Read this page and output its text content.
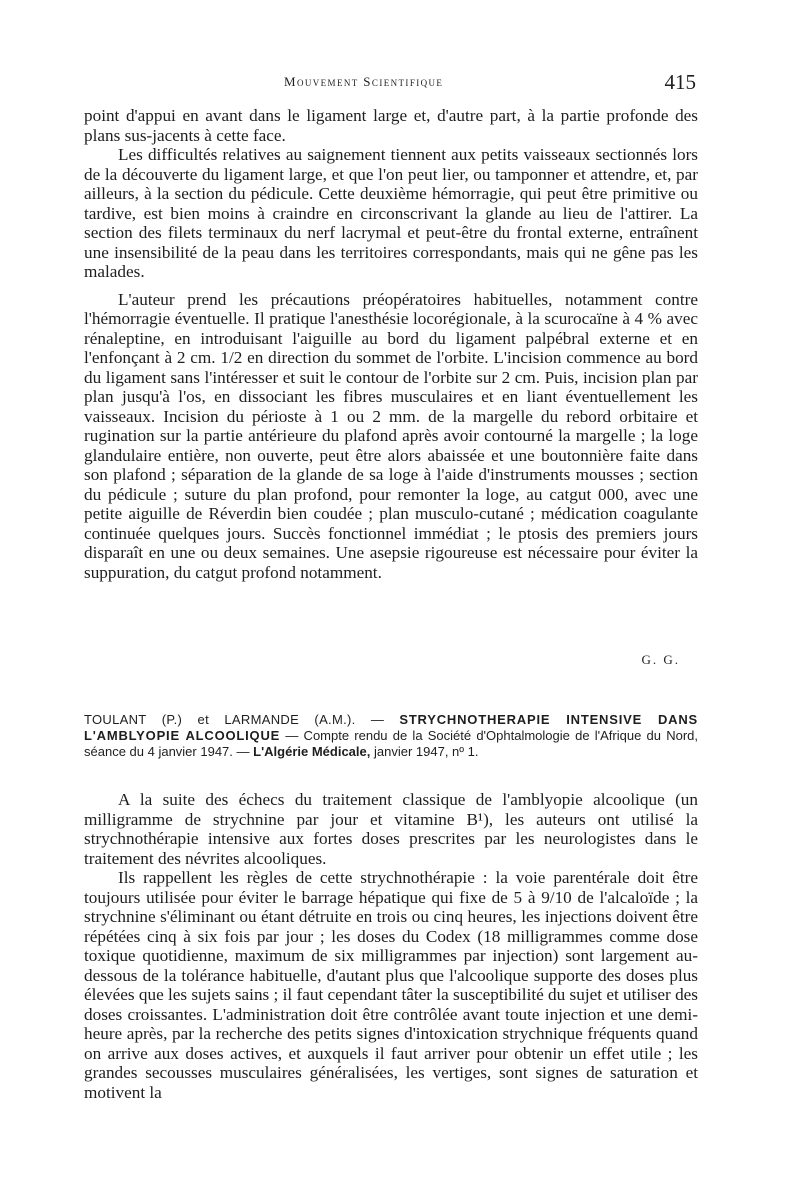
Mouvement Scientifique	415

point d'appui en avant dans le ligament large et, d'autre part, à la partie profonde des plans sus-jacents à cette face.

Les difficultés relatives au saignement tiennent aux petits vaisseaux sectionnés lors de la découverte du ligament large, et que l'on peut lier, ou tamponner et attendre, et, par ailleurs, à la section du pédicule. Cette deuxième hémorragie, qui peut être primitive ou tardive, est bien moins à craindre en circonscrivant la glande au lieu de l'attirer. La section des filets terminaux du nerf lacrymal et peut-être du frontal externe, entraînent une insensibilité de la peau dans les territoires correspondants, mais qui ne gêne pas les malades.

L'auteur prend les précautions préopératoires habituelles, notamment contre l'hémorragie éventuelle. Il pratique l'anesthésie locorégionale, à la scurocaïne à 4 % avec rénaleptine, en introduisant l'aiguille au bord du ligament palpébral externe et en l'enfonçant à 2 cm. 1/2 en direction du sommet de l'orbite. L'incision commence au bord du ligament sans l'intéresser et suit le contour de l'orbite sur 2 cm. Puis, incision plan par plan jusqu'à l'os, en dissociant les fibres musculaires et en liant éventuellement les vaisseaux. Incision du périoste à 1 ou 2 mm. de la margelle du rebord orbitaire et rugination sur la partie antérieure du plafond après avoir contourné la margelle ; la loge glandulaire entière, non ouverte, peut être alors abaissée et une boutonnière faite dans son plafond ; séparation de la glande de sa loge à l'aide d'instruments mousses ; section du pédicule ; suture du plan profond, pour remonter la loge, au catgut 000, avec une petite aiguille de Réverdin bien coudée ; plan musculo-cutané ; médication coagulante continuée quelques jours. Succès fonctionnel immédiat ; le ptosis des premiers jours disparaît en une ou deux semaines. Une asepsie rigoureuse est nécessaire pour éviter la suppuration, du catgut profond notamment.

G. G.
TOULANT (P.) et LARMANDE (A.M.). — STRYCHNOTHERAPIE INTENSIVE DANS L'AMBLYOPIE ALCOOLIQUE — Compte rendu de la Société d'Ophtalmologie de l'Afrique du Nord, séance du 4 janvier 1947. — L'Algérie Médicale, janvier 1947, nº 1.

A la suite des échecs du traitement classique de l'amblyopie alcoolique (un milligramme de strychnine par jour et vitamine B¹), les auteurs ont utilisé la strychnothérapie intensive aux fortes doses prescrites par les neurologistes dans le traitement des névrites alcooliques.

Ils rappellent les règles de cette strychnothérapie : la voie parentérale doit être toujours utilisée pour éviter le barrage hépatique qui fixe de 5 à 9/10 de l'alcaloïde ; la strychnine s'éliminant ou étant détruite en trois ou cinq heures, les injections doivent être répétées cinq à six fois par jour ; les doses du Codex (18 milligrammes comme dose toxique quotidienne, maximum de six milligrammes par injection) sont largement au-dessous de la tolérance habituelle, d'autant plus que l'alcoolique supporte des doses plus élevées que les sujets sains ; il faut cependant tâter la susceptibilité du sujet et utiliser des doses croissantes. L'administration doit être contrôlée avant toute injection et une demi-heure après, par la recherche des petits signes d'intoxication strychnique fréquents quand on arrive aux doses actives, et auxquels il faut arriver pour obtenir un effet utile ; les grandes secousses musculaires généralisées, les vertiges, sont signes de saturation et motivent la
